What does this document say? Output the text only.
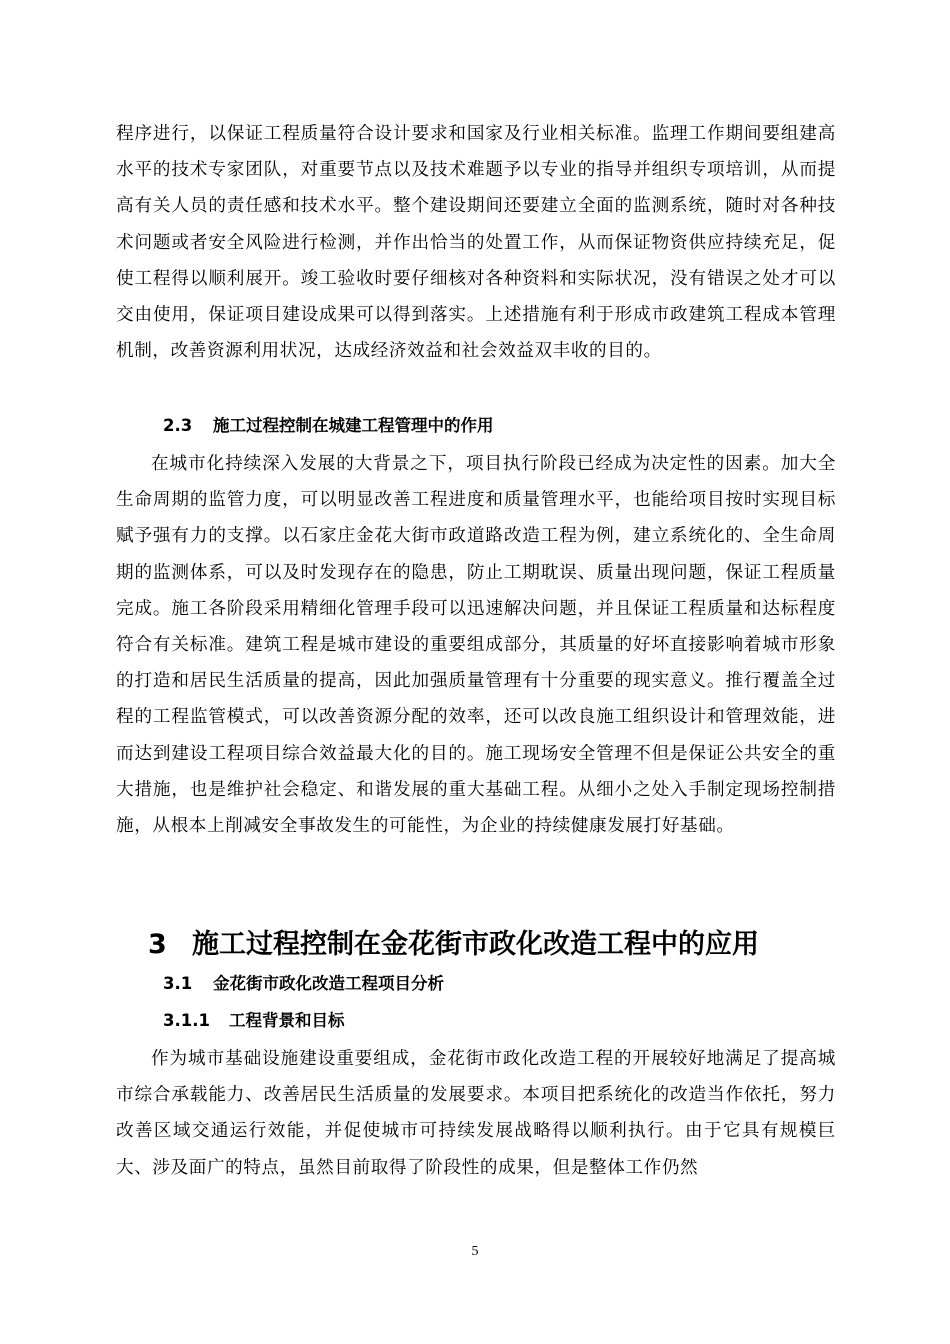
程序进行，以保证工程质量符合设计要求和国家及行业相关标准。监理工作期间要组建高水平的技术专家团队，对重要节点以及技术难题予以专业的指导并组织专项培训，从而提高有关人员的责任感和技术水平。整个建设期间还要建立全面的监测系统，随时对各种技术问题或者安全风险进行检测，并作出恰当的处置工作，从而保证物资供应持续充足，促使工程得以顺利展开。竣工验收时要仔细核对各种资料和实际状况，没有错误之处才可以交由使用，保证项目建设成果可以得到落实。上述措施有利于形成市政建筑工程成本管理机制，改善资源利用状况，达成经济效益和社会效益双丰收的目的。

2.3 施工过程控制在城建工程管理中的作用

在城市化持续深入发展的大背景之下，项目执行阶段已经成为决定性的因素。加大全生命周期的监管力度，可以明显改善工程进度和质量管理水平，也能给项目按时实现目标赋予强有力的支撑。以石家庄金花大街市政道路改造工程为例，建立系统化的、全生命周期的监测体系，可以及时发现存在的隐患，防止工期耽误、质量出现问题，保证工程质量完成。施工各阶段采用精细化管理手段可以迅速解决问题，并且保证工程质量和达标程度符合有关标准。建筑工程是城市建设的重要组成部分，其质量的好坏直接影响着城市形象的打造和居民生活质量的提高，因此加强质量管理有十分重要的现实意义。推行覆盖全过程的工程监管模式，可以改善资源分配的效率，还可以改良施工组织设计和管理效能，进而达到建设工程项目综合效益最大化的目的。施工现场安全管理不但是保证公共安全的重大措施，也是维护社会稳定、和谐发展的重大基础工程。从细小之处入手制定现场控制措施，从根本上削减安全事故发生的可能性，为企业的持续健康发展打好基础。

3 施工过程控制在金花街市政化改造工程中的应用
3.1 金花街市政化改造工程项目分析
3.1.1 工程背景和目标

作为城市基础设施建设重要组成，金花街市政化改造工程的开展较好地满足了提高城市综合承载能力、改善居民生活质量的发展要求。本项目把系统化的改造当作依托，努力改善区域交通运行效能，并促使城市可持续发展战略得以顺利执行。由于它具有规模巨大、涉及面广的特点，虽然目前取得了阶段性的成果，但是整体工作仍然

5
